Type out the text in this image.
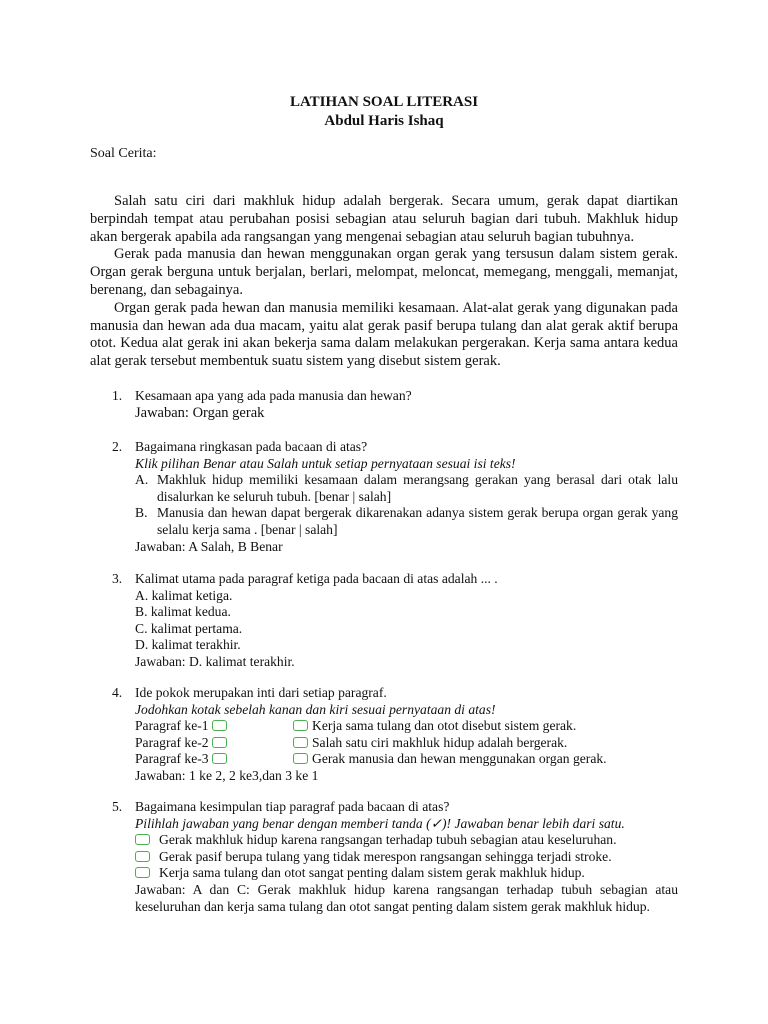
LATIHAN SOAL LITERASI
Abdul Haris Ishaq
Soal Cerita:

Salah satu ciri dari makhluk hidup adalah bergerak. Secara umum, gerak dapat diartikan berpindah tempat atau perubahan posisi sebagian atau seluruh bagian dari tubuh. Makhluk hidup akan bergerak apabila ada rangsangan yang mengenai sebagian atau seluruh bagian tubuhnya.

Gerak pada manusia dan hewan menggunakan organ gerak yang tersusun dalam sistem gerak. Organ gerak berguna untuk berjalan, berlari, melompat, meloncat, memegang, menggali, memanjat, berenang, dan sebagainya.

Organ gerak pada hewan dan manusia memiliki kesamaan. Alat-alat gerak yang digunakan pada manusia dan hewan ada dua macam, yaitu alat gerak pasif berupa tulang dan alat gerak aktif berupa otot. Kedua alat gerak ini akan bekerja sama dalam melakukan pergerakan. Kerja sama antara kedua alat gerak tersebut membentuk suatu sistem yang disebut sistem gerak.

1. Kesamaan apa yang ada pada manusia dan hewan?
Jawaban: Organ gerak
2. Bagaimana ringkasan pada bacaan di atas?
Klik pilihan Benar atau Salah untuk setiap pernyataan sesuai isi teks!
A. Makhluk hidup memiliki kesamaan dalam merangsang gerakan yang berasal dari otak lalu disalurkan ke seluruh tubuh. [benar | salah]
B. Manusia dan hewan dapat bergerak dikarenakan adanya sistem gerak berupa organ gerak yang selalu kerja sama . [benar | salah]
Jawaban: A Salah, B Benar
3. Kalimat utama pada paragraf ketiga pada bacaan di atas adalah ... .
A. kalimat ketiga.
B. kalimat kedua.
C. kalimat pertama.
D. kalimat terakhir.
Jawaban: D. kalimat terakhir.
4. Ide pokok merupakan inti dari setiap paragraf.
Jodohkan kotak sebelah kanan dan kiri sesuai pernyataan di atas!
Paragraf ke-1	Kerja sama tulang dan otot disebut sistem gerak.
Paragraf ke-2	Salah satu ciri makhluk hidup adalah bergerak.
Paragraf ke-3	Gerak manusia dan hewan menggunakan organ gerak.
Jawaban: 1 ke 2, 2 ke3,dan 3 ke 1
5. Bagaimana kesimpulan tiap paragraf pada bacaan di atas?
Pilihlah jawaban yang benar dengan memberi tanda (✓)! Jawaban benar lebih dari satu.
Gerak makhluk hidup karena rangsangan terhadap tubuh sebagian atau keseluruhan.
Gerak pasif berupa tulang yang tidak merespon rangsangan sehingga terjadi stroke.
Kerja sama tulang dan otot sangat penting dalam sistem gerak makhluk hidup.
Jawaban: A dan C: Gerak makhluk hidup karena rangsangan terhadap tubuh sebagian atau keseluruhan dan kerja sama tulang dan otot sangat penting dalam sistem gerak makhluk hidup.
